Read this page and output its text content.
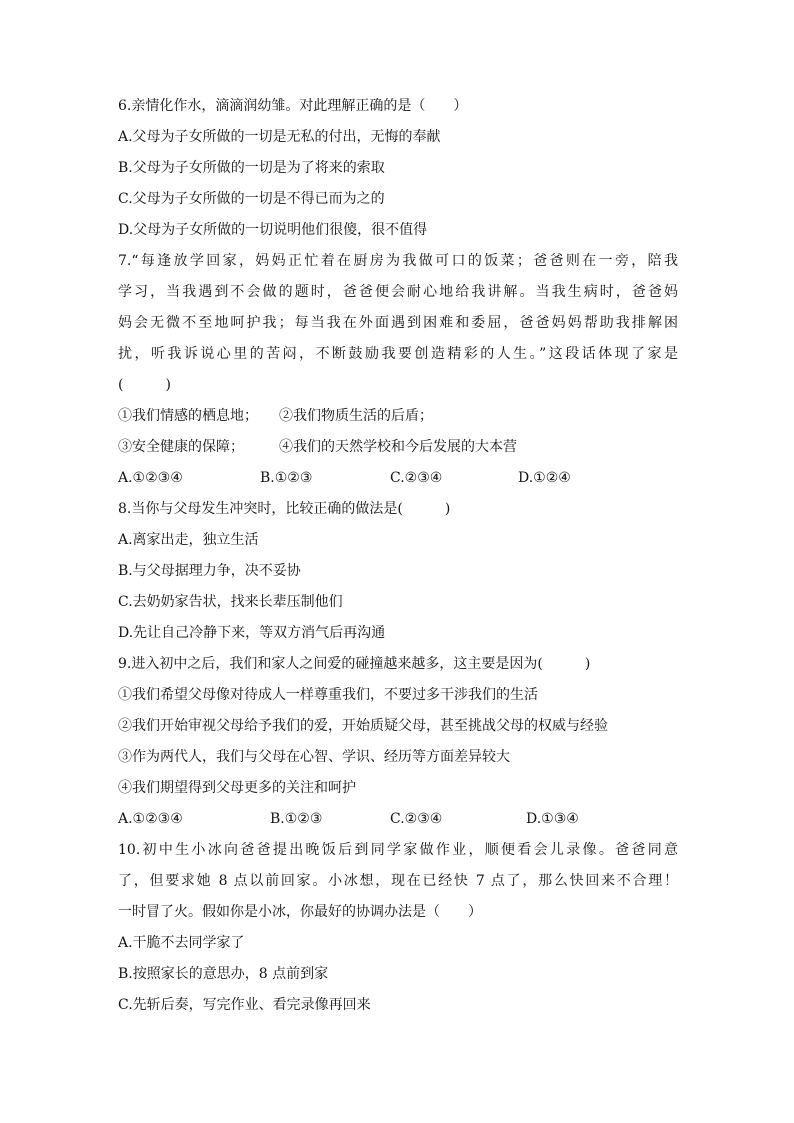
6.亲情化作水，滴滴润幼雏。对此理解正确的是（　　）
A.父母为子女所做的一切是无私的付出，无悔的奉献
B.父母为子女所做的一切是为了将来的索取
C.父母为子女所做的一切是不得已而为之的
D.父母为子女所做的一切说明他们很傻，很不值得
7.“每逢放学回家，妈妈正忙着在厨房为我做可口的饭菜；爸爸则在一旁，陪我
学习，当我遇到不会做的题时，爸爸便会耐心地给我讲解。当我生病时，爸爸妈
妈会无微不至地呵护我；每当我在外面遇到困难和委屈，爸爸妈妈帮助我排解困
扰，听我诉说心里的苦闷，不断鼓励我要创造精彩的人生。”这段话体现了家是
(　　　)
①我们情感的栖息地；　　②我们物质生活的后盾；
③安全健康的保障；　　　④我们的天然学校和今后发展的大本营
A.①②③④	B.①②③	C.②③④	D.①②④
8.当你与父母发生冲突时，比较正确的做法是(　　　)
A.离家出走，独立生活
B.与父母据理力争，决不妥协
C.去奶奶家告状，找来长辈压制他们
D.先让自己冷静下来，等双方消气后再沟通
9.进入初中之后，我们和家人之间爱的碰撞越来越多，这主要是因为(　　　)
①我们希望父母像对待成人一样尊重我们，不要过多干涉我们的生活
②我们开始审视父母给予我们的爱，开始质疑父母，甚至挑战父母的权威与经验
③作为两代人，我们与父母在心智、学识、经历等方面差异较大
④我们期望得到父母更多的关注和呵护
A.①②③④	B.①②③	C.②③④	D.①③④
10.初中生小冰向爸爸提出晚饭后到同学家做作业，顺便看会儿录像。爸爸同意
了，但要求她 8 点以前回家。小冰想，现在已经快 7 点了，那么快回来不合理！
一时冒了火。假如你是小冰，你最好的协调办法是（　　）
A.干脆不去同学家了
B.按照家长的意思办，8 点前到家
C.先斩后奏，写完作业、看完录像再回来
